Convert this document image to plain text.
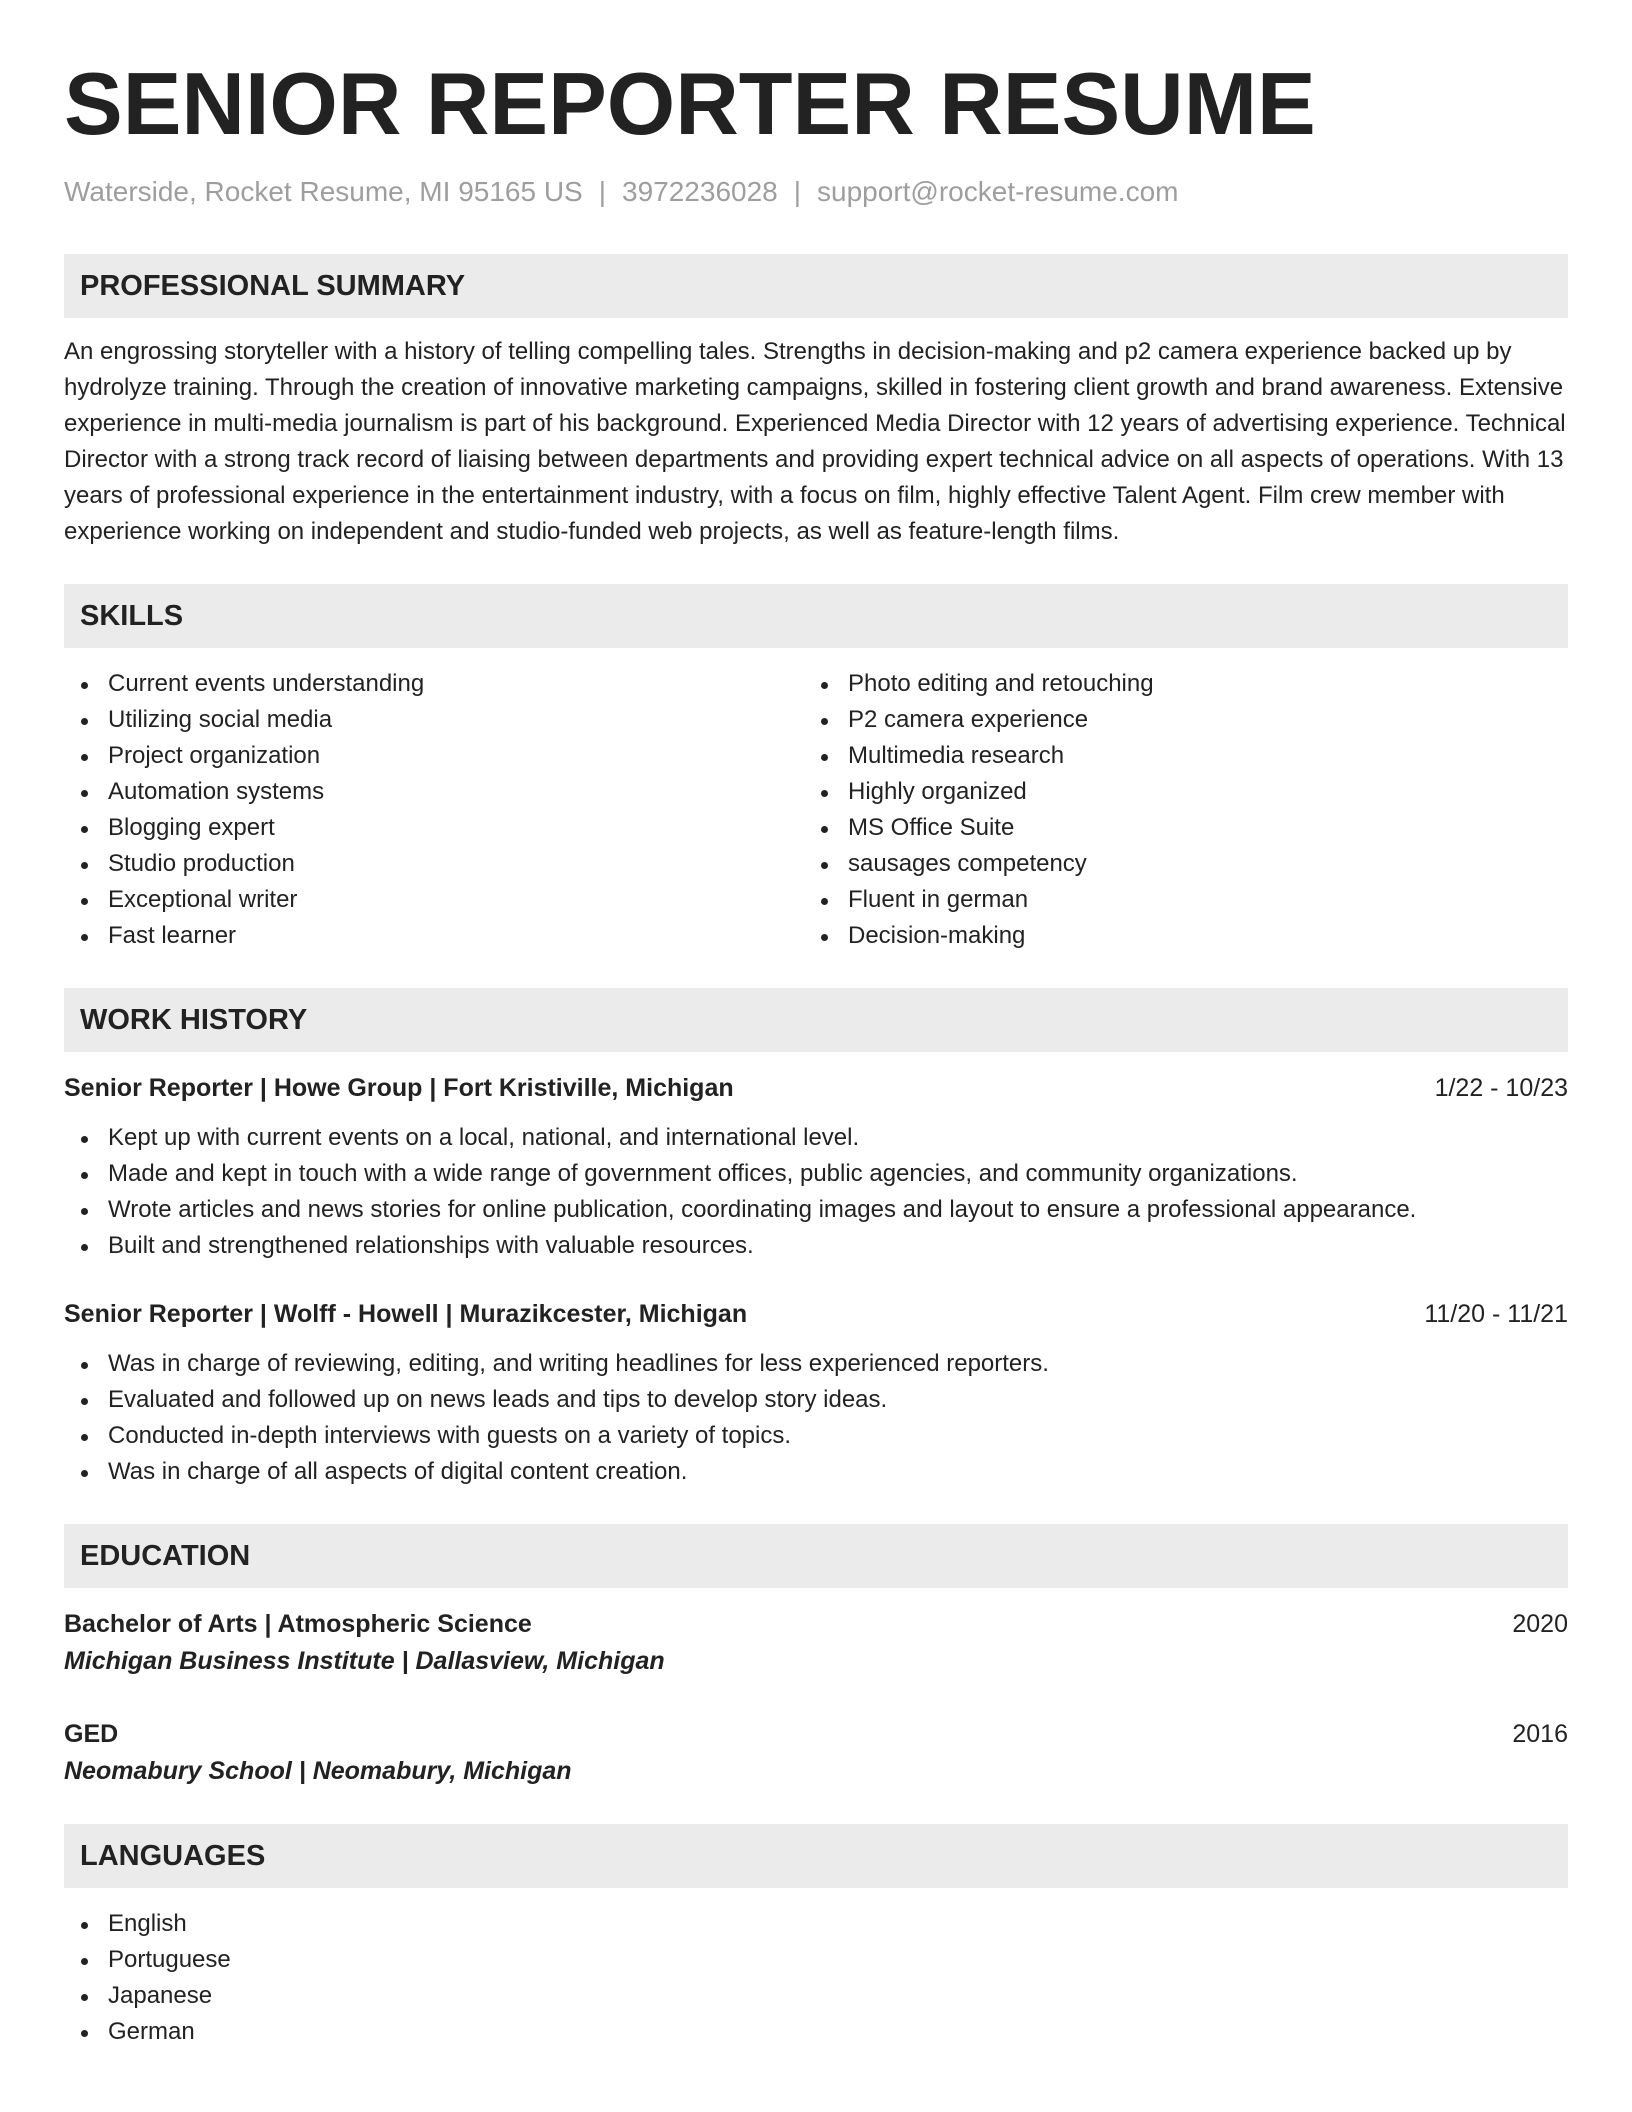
SENIOR REPORTER RESUME
Waterside, Rocket Resume, MI 95165 US | 3972236028 | support@rocket-resume.com
PROFESSIONAL SUMMARY
An engrossing storyteller with a history of telling compelling tales. Strengths in decision-making and p2 camera experience backed up by hydrolyze training. Through the creation of innovative marketing campaigns, skilled in fostering client growth and brand awareness. Extensive experience in multi-media journalism is part of his background. Experienced Media Director with 12 years of advertising experience. Technical Director with a strong track record of liaising between departments and providing expert technical advice on all aspects of operations. With 13 years of professional experience in the entertainment industry, with a focus on film, highly effective Talent Agent. Film crew member with experience working on independent and studio-funded web projects, as well as feature-length films.
SKILLS
Current events understanding
Utilizing social media
Project organization
Automation systems
Blogging expert
Studio production
Exceptional writer
Fast learner
Photo editing and retouching
P2 camera experience
Multimedia research
Highly organized
MS Office Suite
sausages competency
Fluent in german
Decision-making
WORK HISTORY
Senior Reporter | Howe Group | Fort Kristiville, Michigan	1/22 - 10/23
Kept up with current events on a local, national, and international level.
Made and kept in touch with a wide range of government offices, public agencies, and community organizations.
Wrote articles and news stories for online publication, coordinating images and layout to ensure a professional appearance.
Built and strengthened relationships with valuable resources.
Senior Reporter | Wolff - Howell | Murazikcester, Michigan	11/20 - 11/21
Was in charge of reviewing, editing, and writing headlines for less experienced reporters.
Evaluated and followed up on news leads and tips to develop story ideas.
Conducted in-depth interviews with guests on a variety of topics.
Was in charge of all aspects of digital content creation.
EDUCATION
Bachelor of Arts | Atmospheric Science	2020
Michigan Business Institute | Dallasview, Michigan
GED	2016
Neomabury School | Neomabury, Michigan
LANGUAGES
English
Portuguese
Japanese
German
